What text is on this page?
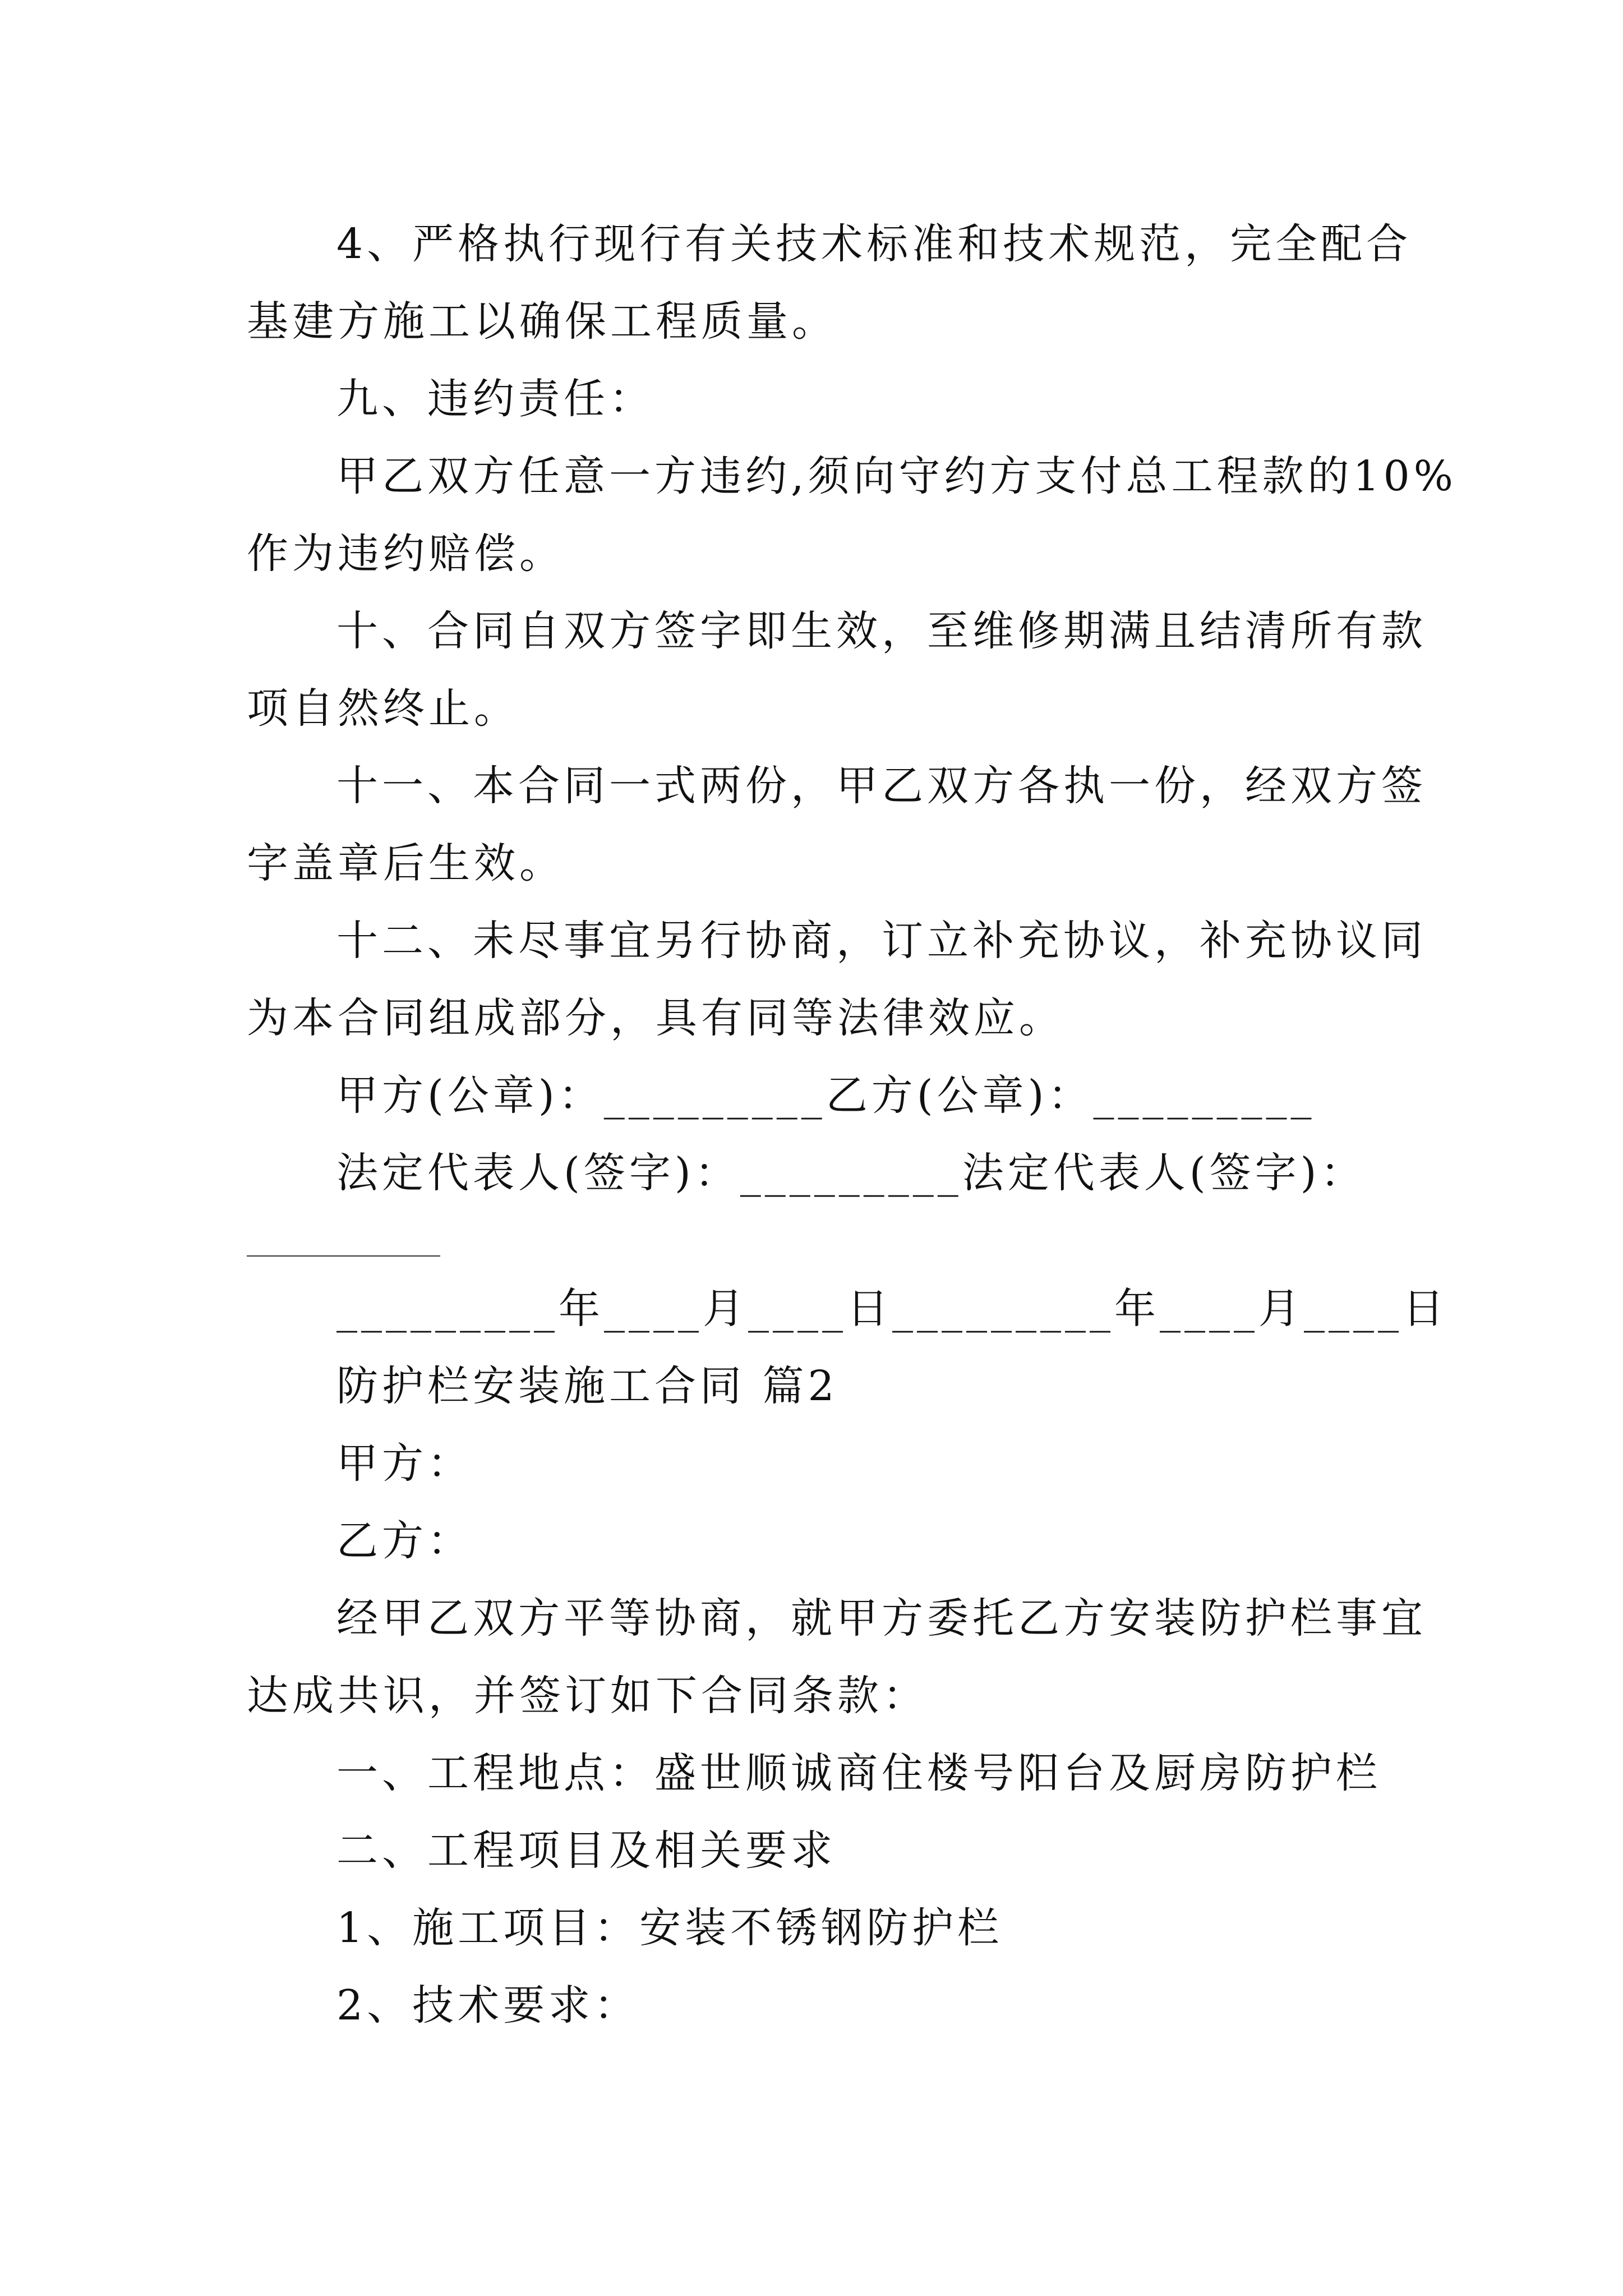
4、严格执行现行有关技术标准和技术规范，完全配合
基建方施工以确保工程质量。
九、违约责任：
甲乙双方任意一方违约,须向守约方支付总工程款的10%
作为违约赔偿。
十、合同自双方签字即生效，至维修期满且结清所有款
项自然终止。
十一、本合同一式两份，甲乙双方各执一份，经双方签
字盖章后生效。
十二、未尽事宜另行协商，订立补充协议，补充协议同
为本合同组成部分，具有同等法律效应。
甲方(公章)：_________乙方(公章)：_________
法定代表人(签字)：_________法定代表人(签字)：
_________年____月____日_________年____月____日
防护栏安装施工合同 篇2
甲方：
乙方：
经甲乙双方平等协商，就甲方委托乙方安装防护栏事宜
达成共识，并签订如下合同条款：
一、工程地点：盛世顺诚商住楼号阳台及厨房防护栏
二、工程项目及相关要求
1、施工项目：安装不锈钢防护栏
2、技术要求：
